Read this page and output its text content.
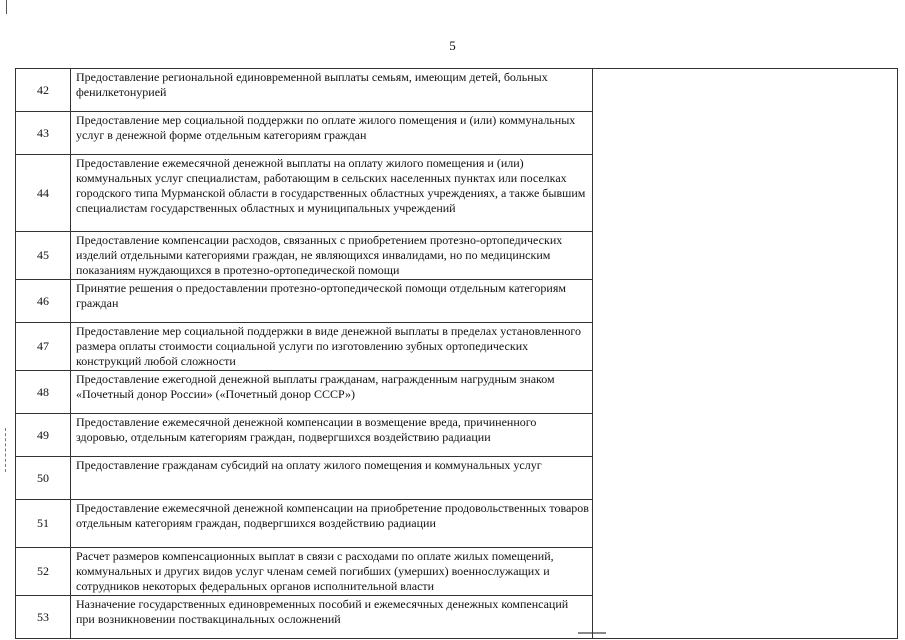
5
42	Предоставление региональной единовременной выплаты семьям, имеющим детей, больных фенилкетонурией	
43	Предоставление мер социальной поддержки по оплате жилого помещения и (или) коммунальных услуг в денежной форме отдельным категориям граждан	
44	Предоставление ежемесячной денежной выплаты на оплату жилого помещения и (или) коммунальных услуг специалистам, работающим в сельских населенных пунктах или поселках городского типа Мурманской области в государственных областных учреждениях, а также бывшим специалистам государственных областных и муниципальных учреждений	
45	Предоставление компенсации расходов, связанных с приобретением протезно-ортопедических изделий отдельными категориями граждан, не являющихся инвалидами, но по медицинским показаниям нуждающихся в протезно-ортопедической помощи	
46	Принятие решения о предоставлении протезно-ортопедической помощи отдельным категориям граждан	
47	Предоставление мер социальной поддержки в виде денежной выплаты в пределах установленного размера оплаты стоимости социальной услуги по изготовлению зубных ортопедических конструкций любой сложности	
48	Предоставление ежегодной денежной выплаты гражданам, награжденным нагрудным знаком «Почетный донор России» («Почетный донор СССР»)	
49	Предоставление ежемесячной денежной компенсации в возмещение вреда, причиненного здоровью, отдельным категориям граждан, подвергшихся воздействию радиации	
50	Предоставление гражданам субсидий на оплату жилого помещения и коммунальных услуг	
51	Предоставление ежемесячной денежной компенсации на приобретение продовольственных товаров отдельным категориям граждан, подвергшихся воздействию радиации	
52	Расчет размеров компенсационных выплат в связи с расходами по оплате жилых помещений, коммунальных и других видов услуг членам семей погибших (умерших) военнослужащих и сотрудников некоторых федеральных органов исполнительной власти	
53	Назначение государственных единовременных пособий и ежемесячных денежных компенсаций при возникновении поствакцинальных осложнений	
